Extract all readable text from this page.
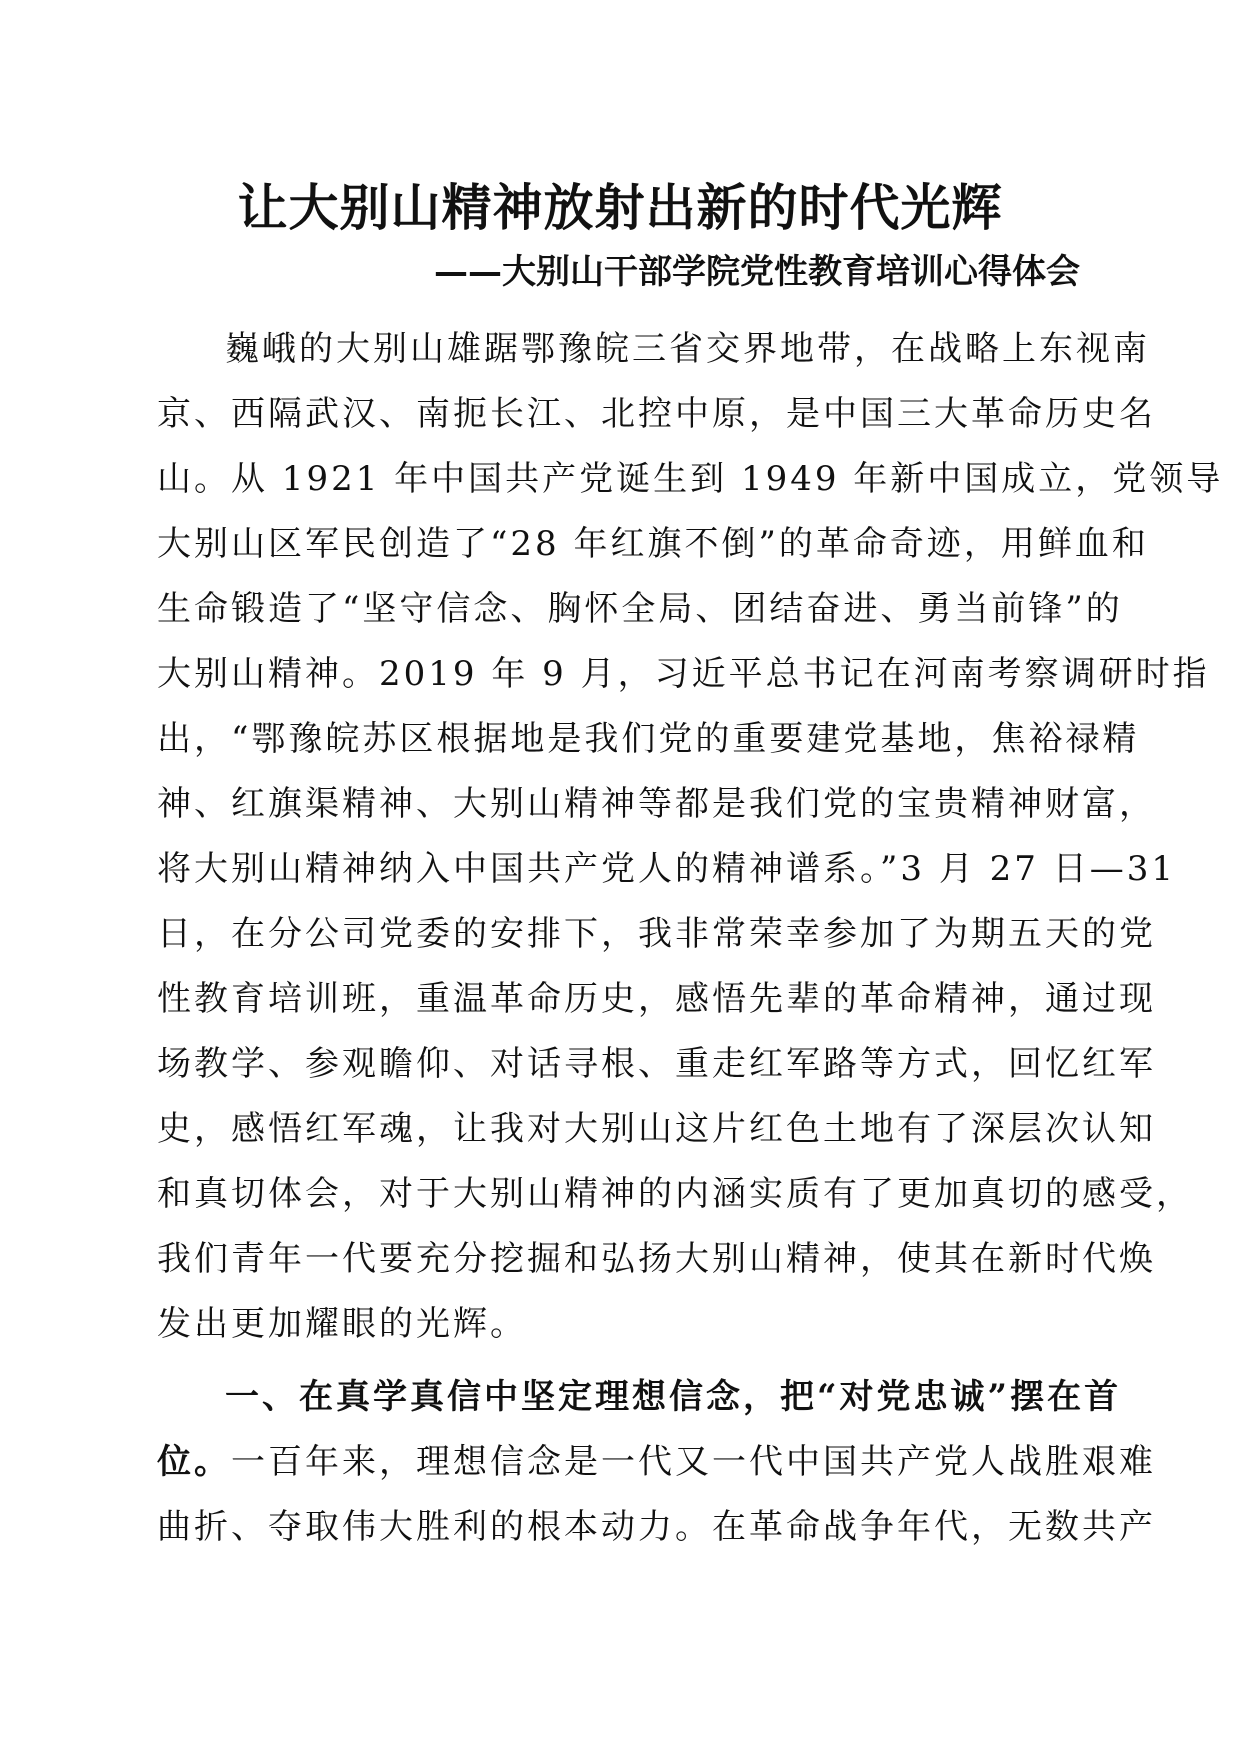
让大别山精神放射出新的时代光辉
——大别山干部学院党性教育培训心得体会
巍峨的大别山雄踞鄂豫皖三省交界地带，在战略上东视南
京、西隔武汉、南扼长江、北控中原，是中国三大革命历史名
山。从 1921 年中国共产党诞生到 1949 年新中国成立，党领导
大别山区军民创造了“28 年红旗不倒”的革命奇迹，用鲜血和
生命锻造了“坚守信念、胸怀全局、团结奋进、勇当前锋”的
大别山精神。2019 年 9 月，习近平总书记在河南考察调研时指
出，“鄂豫皖苏区根据地是我们党的重要建党基地，焦裕禄精
神、红旗渠精神、大别山精神等都是我们党的宝贵精神财富，
将大别山精神纳入中国共产党人的精神谱系。”3 月 27 日—31
日，在分公司党委的安排下，我非常荣幸参加了为期五天的党
性教育培训班，重温革命历史，感悟先辈的革命精神，通过现
场教学、参观瞻仰、对话寻根、重走红军路等方式，回忆红军
史，感悟红军魂，让我对大别山这片红色土地有了深层次认知
和真切体会，对于大别山精神的内涵实质有了更加真切的感受，
我们青年一代要充分挖掘和弘扬大别山精神，使其在新时代焕
发出更加耀眼的光辉。
一、在真学真信中坚定理想信念，把“对党忠诚”摆在首
位。一百年来，理想信念是一代又一代中国共产党人战胜艰难
曲折、夺取伟大胜利的根本动力。在革命战争年代，无数共产
